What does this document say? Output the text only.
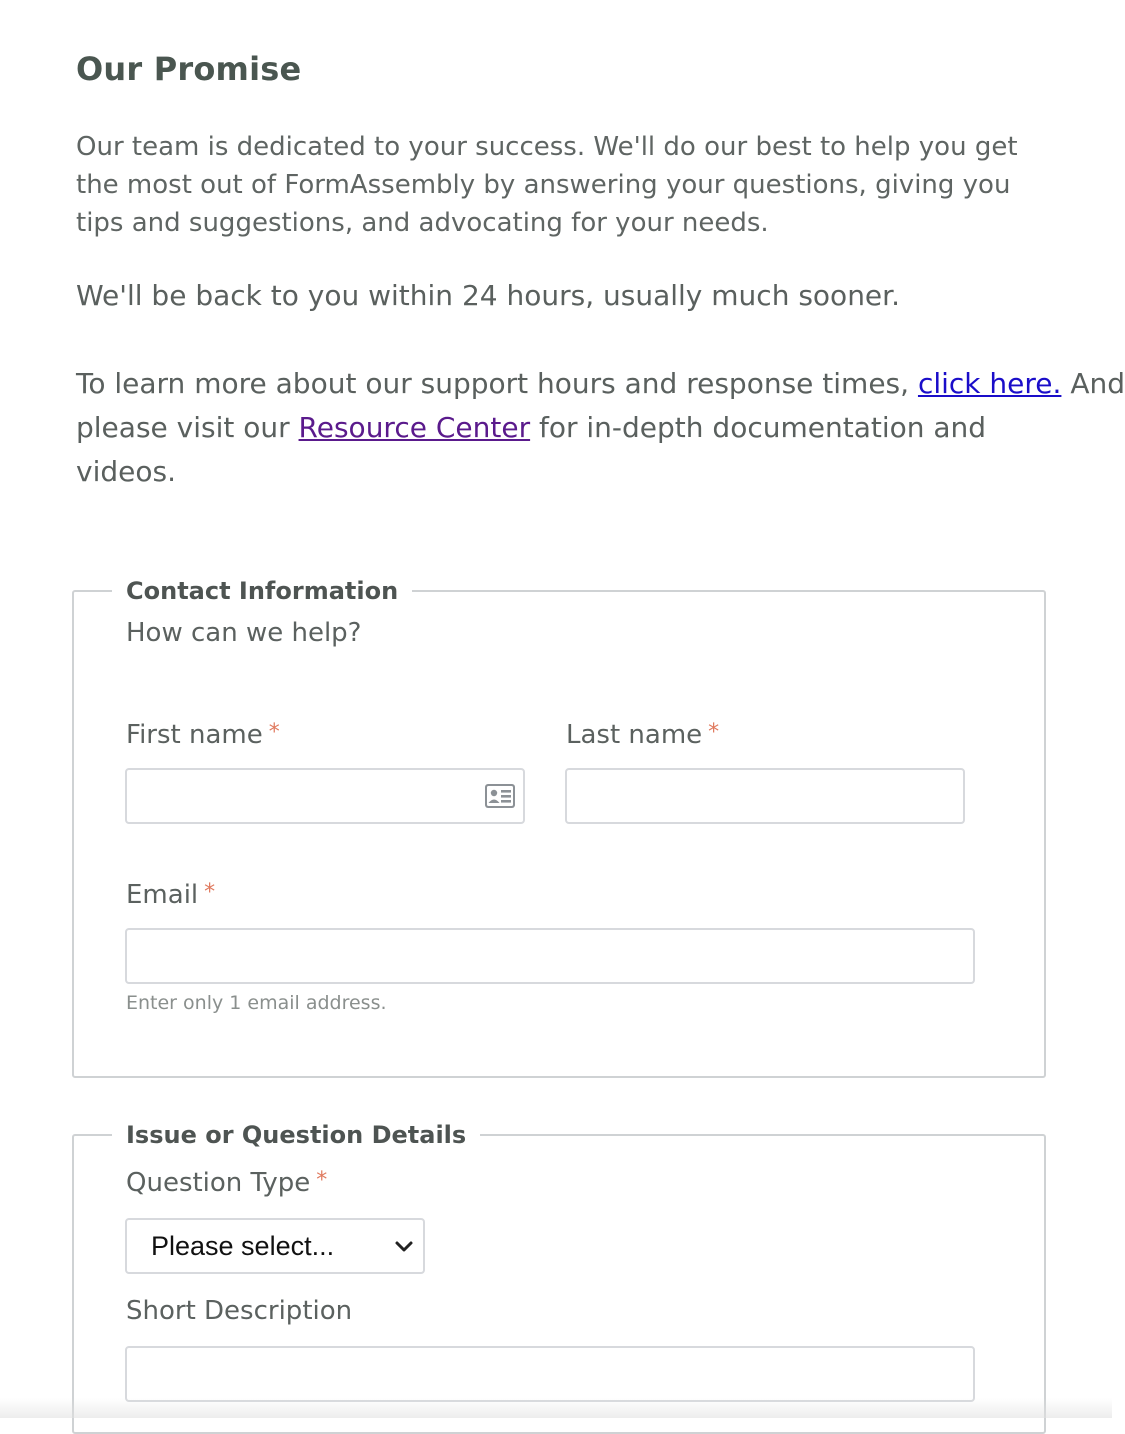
Our Promise

Our team is dedicated to your success. We'll do our best to help you get
the most out of FormAssembly by answering your questions, giving you
tips and suggestions, and advocating for your needs.

We'll be back to you within 24 hours, usually much sooner.

To learn more about our support hours and response times, click here. And
please visit our Resource Center for in-depth documentation and
videos.

Contact Information
How can we help?
First name *	Last name *
Email *
Enter only 1 email address.
Issue or Question Details
Question Type *
Please select...
Short Description
